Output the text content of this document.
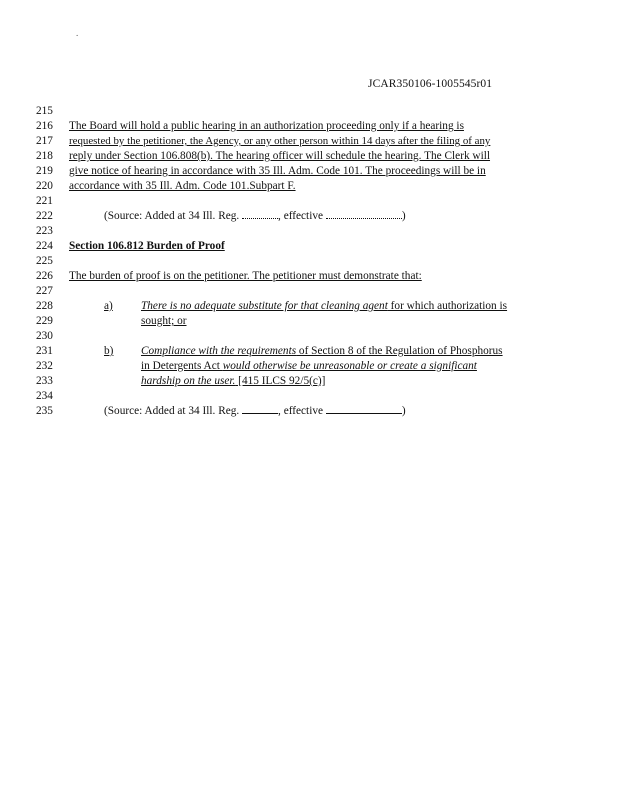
.
JCAR350106-1005545r01
215
216	The Board will hold a public hearing in an authorization proceeding only if a hearing is
217	requested by the petitioner, the Agency, or any other person within 14 days after the filing of any
218	reply under Section 106.808(b). The hearing officer will schedule the hearing. The Clerk will
219	give notice of hearing in accordance with 35 Ill. Adm. Code 101. The proceedings will be in
220	accordance with 35 Ill. Adm. Code 101.Subpart F.
221
222	(Source: Added at 34 Ill. Reg.	, effective	)
223
224	Section 106.812 Burden of Proof
225
226	The burden of proof is on the petitioner. The petitioner must demonstrate that:
227
228	a) There is no adequate substitute for that cleaning agent for which authorization is
229	sought; or
230
231	b) Compliance with the requirements of Section 8 of the Regulation of Phosphorus
232	in Detergents Act would otherwise be unreasonable or create a significant
233	hardship on the user. [415 ILCS 92/5(c)]
234
235	(Source: Added at 34 Ill. Reg.	, effective	)
